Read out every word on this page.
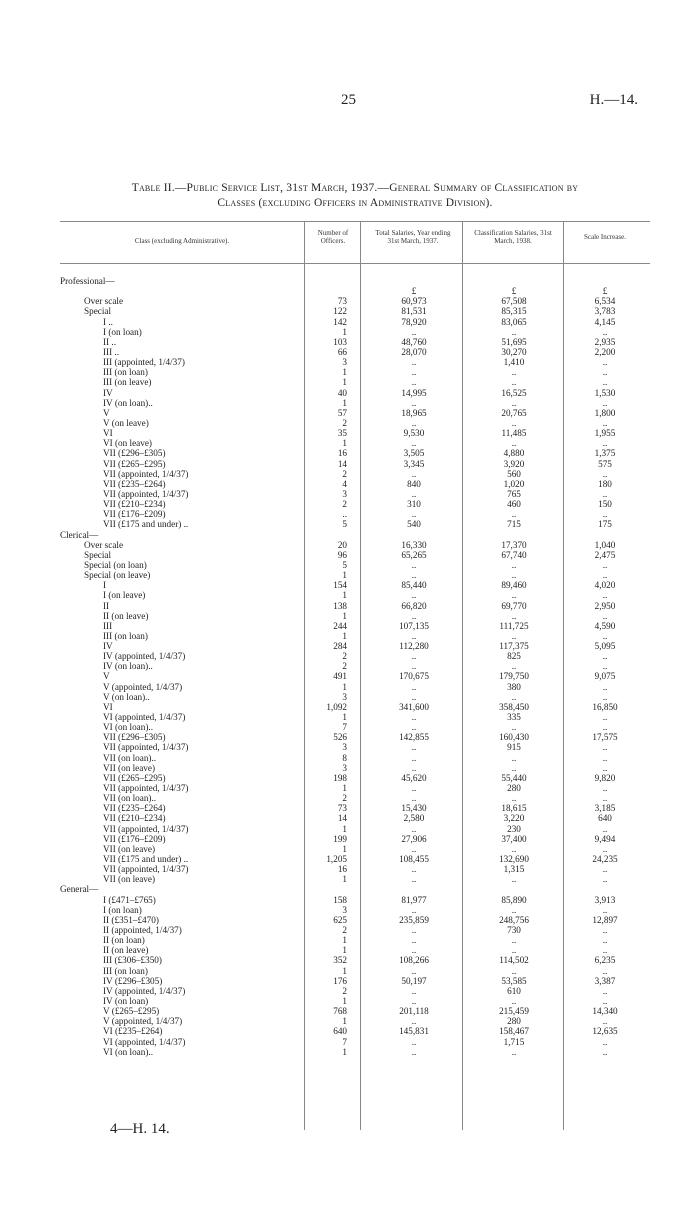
25	H.—14.
Table II.—Public Service List, 31st March, 1937.—General Summary of Classification by
Classes (excluding Officers in Administrative Division).
Class (excluding Administrative).
Number of Officers.
Total Salaries, Year ending 31st March, 1937.
Classification Salaries, 31st March, 1938.	Scale Increase.
Professional—
£	£	£
Over scale	73	60,973	67,508	6,534
Special	122	81,531	85,315	3,783
I ..	142	78,920	83,065	4,145
I (on loan)	1	..	..	..
II ..	103	48,760	51,695	2,935
III ..	66	28,070	30,270	2,200
III (appointed, 1/4/37)	3	..	1,410	..
III (on loan)	1	..	..	..
III (on leave)	1	..	..	..
IV	40	14,995	16,525	1,530
IV (on loan)..	1	..	..	..
V	57	18,965	20,765	1,800
V (on leave)	2	..	..	..
VI	35	9,530	11,485	1,955
VI (on leave)	1	..	..	..
VII (£296–£305)	16	3,505	4,880	1,375
VII (£265–£295)	14	3,345	3,920	575
VII (appointed, 1/4/37)	2	..	560	..
VII (£235–£264)	4	840	1,020	180
VII (appointed, 1/4/37)	3	..	765	..
VII (£210–£234)	2	310	460	150
VII (£176–£209)	..	..	..	..
VII (£175 and under) ..	5	540	715	175
Clerical—
Over scale	20	16,330	17,370	1,040
Special	96	65,265	67,740	2,475
Special (on loan)	5	..	..	..
Special (on leave)	1	..	..	..
I	154	85,440	89,460	4,020
I (on leave)	1	..	..	..
II	138	66,820	69,770	2,950
II (on leave)	1	..	..	..
III	244	107,135	111,725	4,590
III (on loan)	1	..	..	..
IV	284	112,280	117,375	5,095
IV (appointed, 1/4/37)	2	..	825	..
IV (on loan)..	2	..	..	..
V	491	170,675	179,750	9,075
V (appointed, 1/4/37)	1	..	380	..
V (on loan)..	3	..	..	..
VI	1,092	341,600	358,450	16,850
VI (appointed, 1/4/37)	1	..	335	..
VI (on loan)..	7	..	..	..
VII (£296–£305)	526	142,855	160,430	17,575
VII (appointed, 1/4/37)	3	..	915	..
VII (on loan)..	8	..	..	..
VII (on leave)	3	..	..	..
VII (£265–£295)	198	45,620	55,440	9,820
VII (appointed, 1/4/37)	1	..	280	..
VII (on loan)..	2	..	..	..
VII (£235–£264)	73	15,430	18,615	3,185
VII (£210–£234)	14	2,580	3,220	640
VII (appointed, 1/4/37)	1	..	230	..
VII (£176–£209)	199	27,906	37,400	9,494
VII (on leave)	1	..	..	..
VII (£175 and under) ..	1,205	108,455	132,690	24,235
VII (appointed, 1/4/37)	16	..	1,315	..
VII (on leave)	1	..	..	..
General—
I (£471–£765)	158	81,977	85,890	3,913
I (on loan)	3	..	..	..
II (£351–£470)	625	235,859	248,756	12,897
II (appointed, 1/4/37)	2	..	730	..
II (on loan)	1	..	..	..
II (on leave)	1	..	..	..
III (£306–£350)	352	108,266	114,502	6,235
III (on loan)	1	..	..	..
IV (£296–£305)	176	50,197	53,585	3,387
IV (appointed, 1/4/37)	2	..	610	..
IV (on loan)	1	..	..	..
V (£265–£295)	768	201,118	215,459	14,340
V (appointed, 1/4/37)	1	..	280	..
VI (£235–£264)	640	145,831	158,467	12,635
VI (appointed, 1/4/37)	7	..	1,715	..
VI (on loan)..	1	..	..	..
4—H. 14.
